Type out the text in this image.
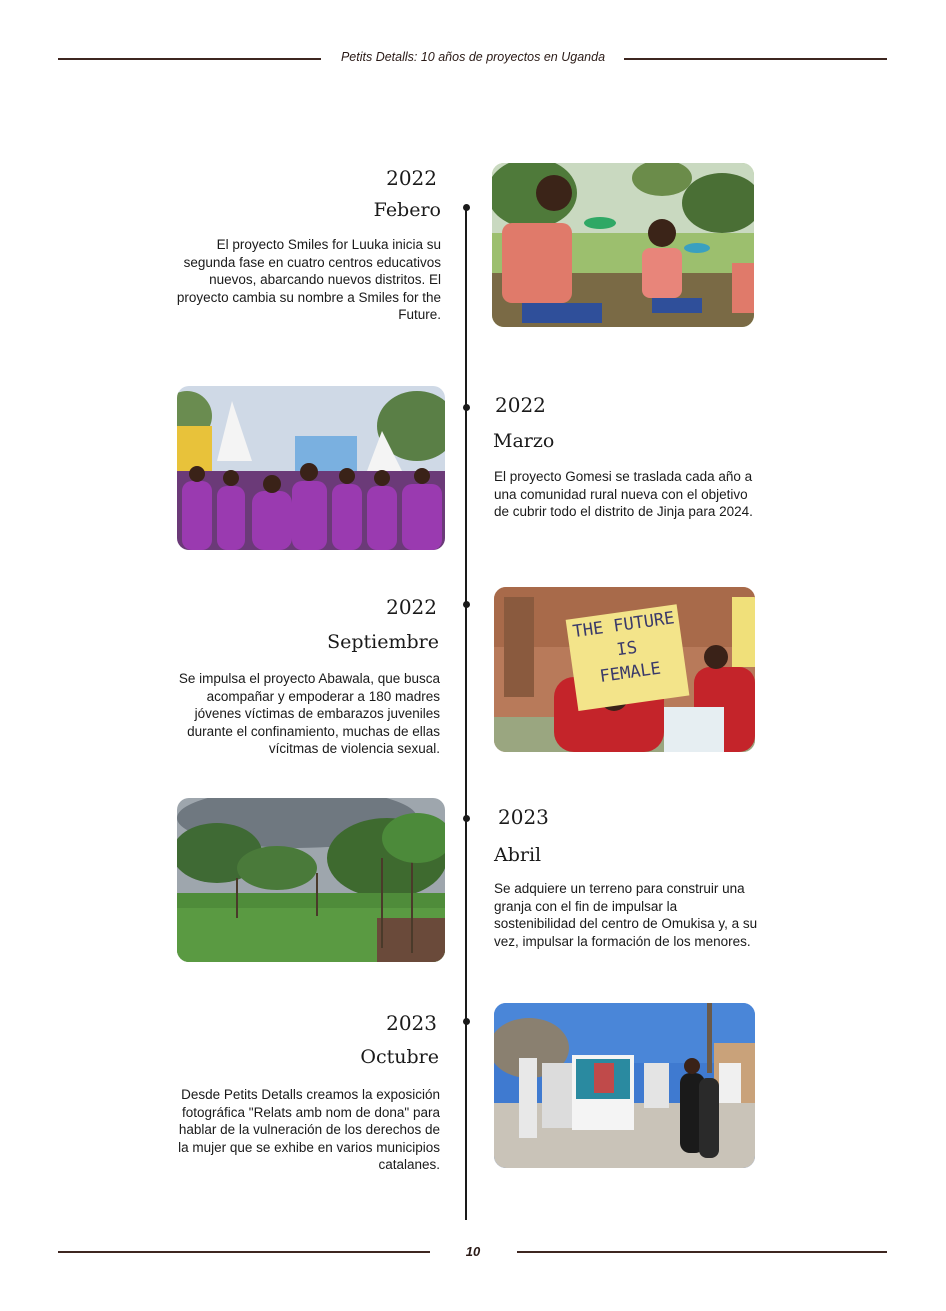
Petits Detalls: 10 años de proyectos en Uganda
2022
Febero
El proyecto Smiles for Luuka inicia su segunda fase en cuatro centros educativos nuevos, abarcando nuevos distritos. El proyecto cambia su nombre a Smiles for the Future.
2022
Marzo
El proyecto Gomesi se traslada cada año a una comunidad rural nueva con el objetivo de cubrir todo el distrito de Jinja para 2024.
2022
Septiembre
Se impulsa el proyecto Abawala, que busca acompañar y empoderar a 180 madres jóvenes víctimas de embarazos juveniles durante el confinamiento, muchas de ellas vícitmas de violencia sexual.
THE FUTURE
IS
FEMALE
2023
Abril
Se adquiere un terreno para construir una granja con el fin de impulsar la sostenibilidad del centro de Omukisa y, a su vez, impulsar la formación de los menores.
2023
Octubre
Desde Petits Detalls creamos la exposición fotográfica "Relats amb nom de dona" para hablar de la vulneración de los derechos de la mujer que se exhibe en varios municipios catalanes.
10
